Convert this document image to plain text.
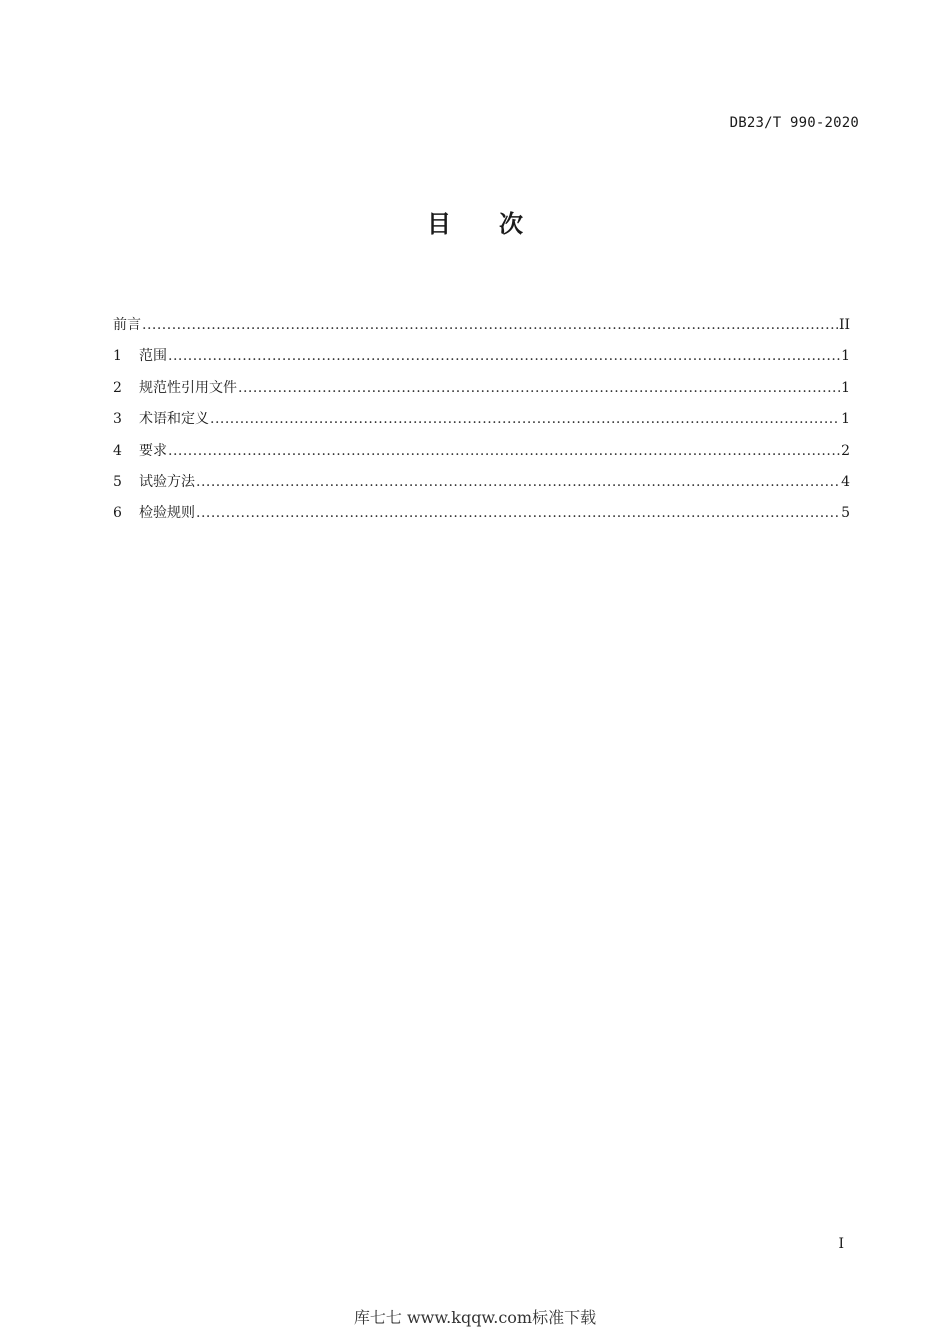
DB23/T 990-2020
目 次
前言 .....	II
1	范围 .....	1
2	规范性引用文件 .....	1
3	术语和定义 .....	1
4	要求 .....	2
5	试验方法 .....	4
6	检验规则 .....	5
I
库七七 www.kqqw.com标准下载
